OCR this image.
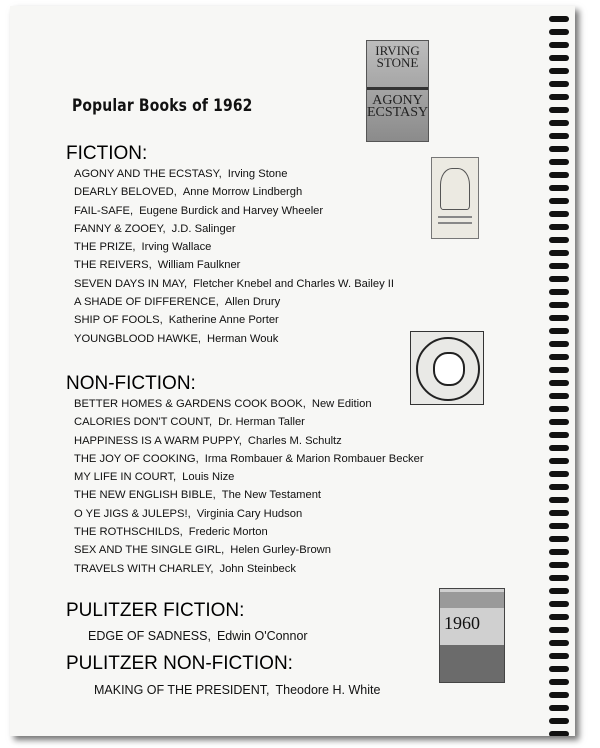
Popular Books of 1962
IRVING STONE
AGONY ECSTASY
1960
FICTION:
AGONY AND THE ECSTASY, Irving Stone
DEARLY BELOVED, Anne Morrow Lindbergh
FAIL-SAFE, Eugene Burdick and Harvey Wheeler
FANNY & ZOOEY, J.D. Salinger
THE PRIZE, Irving Wallace
THE REIVERS, William Faulkner
SEVEN DAYS IN MAY, Fletcher Knebel and Charles W. Bailey II
A SHADE OF DIFFERENCE, Allen Drury
SHIP OF FOOLS, Katherine Anne Porter
YOUNGBLOOD HAWKE, Herman Wouk
NON-FICTION:
BETTER HOMES & GARDENS COOK BOOK, New Edition
CALORIES DON'T COUNT, Dr. Herman Taller
HAPPINESS IS A WARM PUPPY, Charles M. Schultz
THE JOY OF COOKING, Irma Rombauer & Marion Rombauer Becker
MY LIFE IN COURT, Louis Nize
THE NEW ENGLISH BIBLE, The New Testament
O YE JIGS & JULEPS!, Virginia Cary Hudson
THE ROTHSCHILDS, Frederic Morton
SEX AND THE SINGLE GIRL, Helen Gurley-Brown
TRAVELS WITH CHARLEY, John Steinbeck
PULITZER FICTION:
EDGE OF SADNESS, Edwin O'Connor
PULITZER NON-FICTION:
MAKING OF THE PRESIDENT, Theodore H. White
